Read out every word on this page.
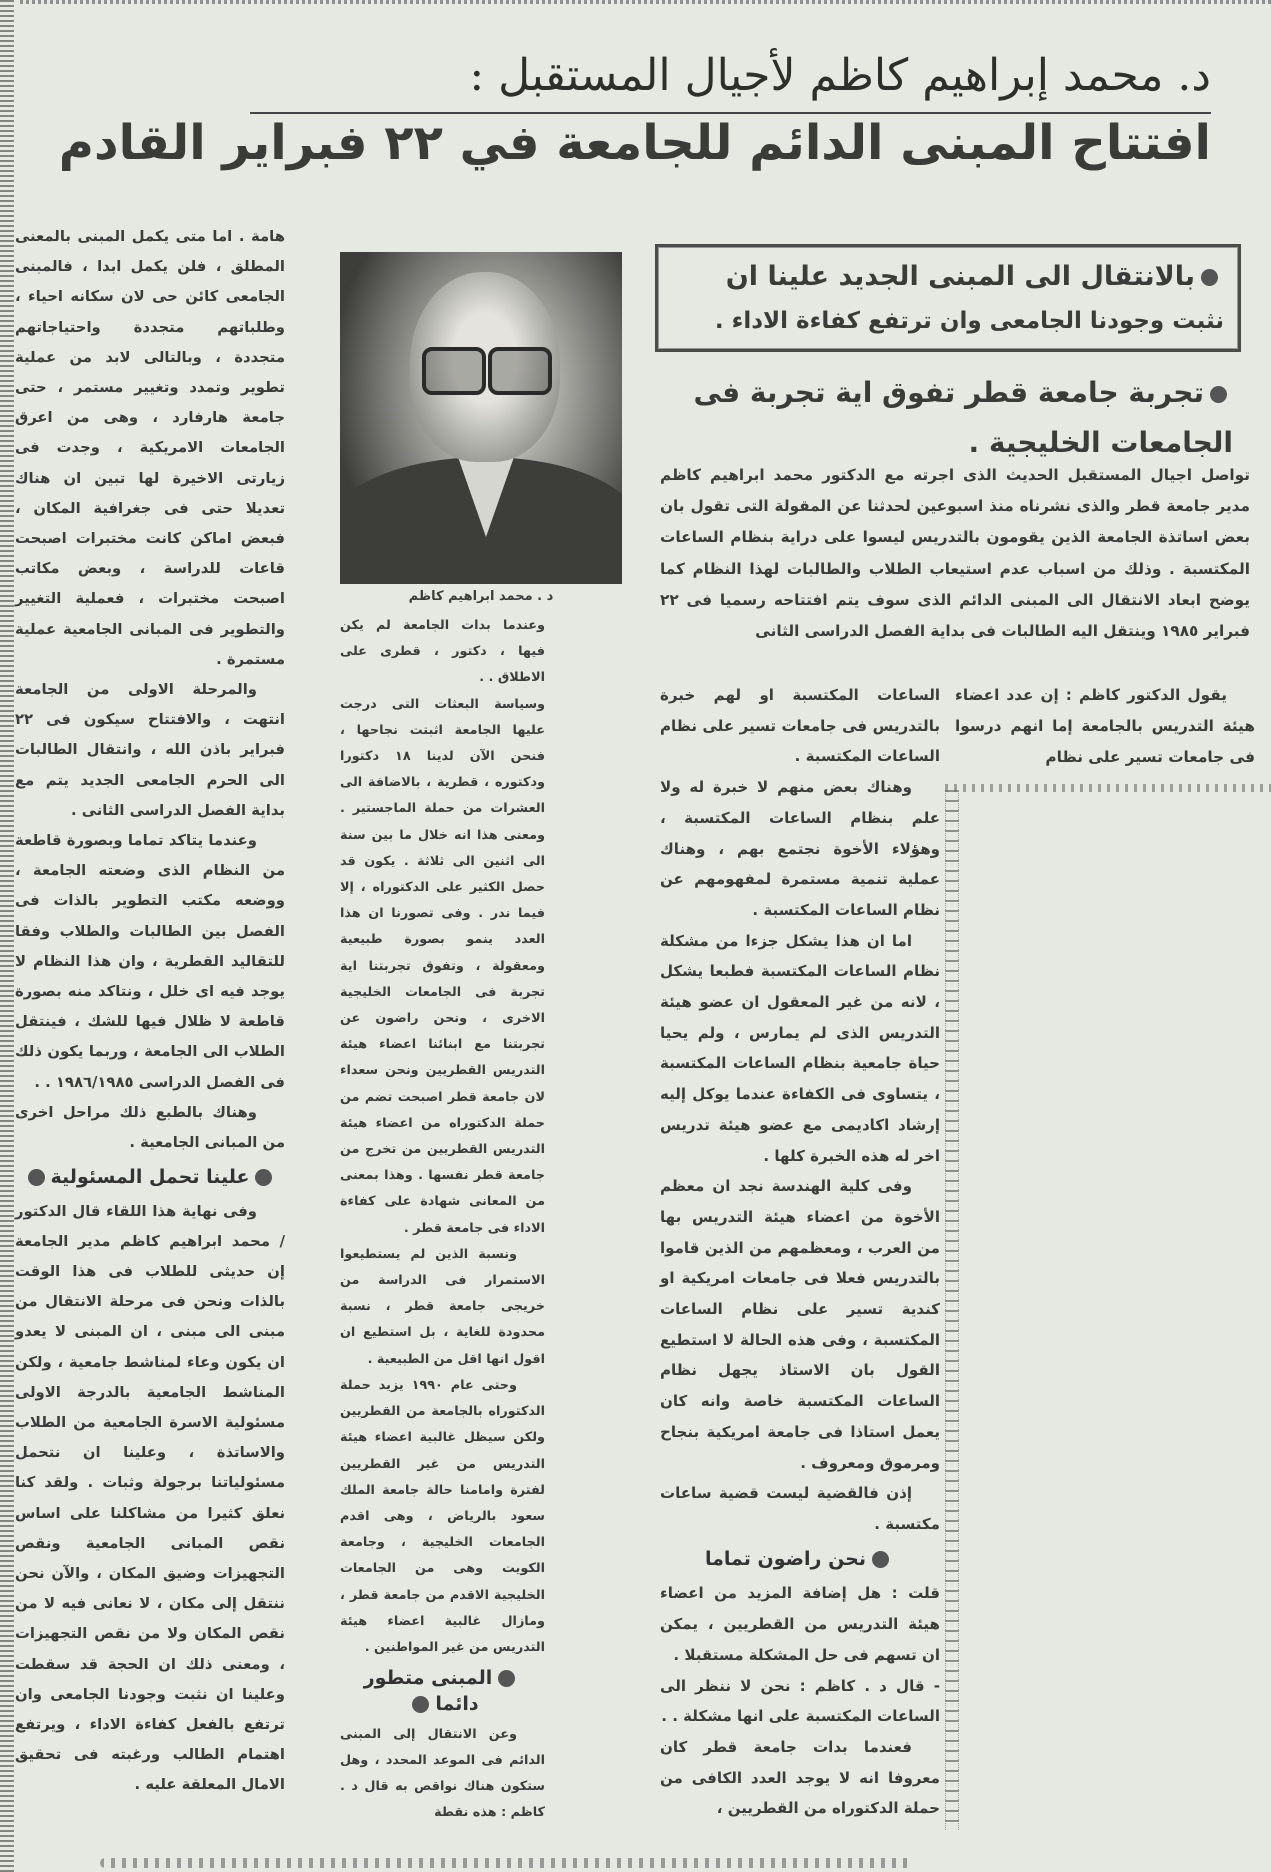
د. محمد إبراهيم كاظم لأجيال المستقبل :
افتتاح المبنى الدائم للجامعة في ٢٢ فبراير القادم
د . محمد ابراهيم كاظم
بالانتقال الى المبنى الجديد علينا ان
نثبت وجودنا الجامعى وان ترتفع كفاءة الاداء .
تجربة جامعة قطر تفوق اية تجربة فى الجامعات الخليجية .
تواصل اجيال المستقبل الحديث الذى اجرته مع الدكتور محمد ابراهيم كاظم مدير جامعة قطر والذى نشرناه منذ اسبوعين لحدثنا عن المقولة التى تقول بان بعض اساتذة الجامعة الذين يقومون بالتدريس ليسوا على دراية بنظام الساعات المكتسبة . وذلك من اسباب عدم استيعاب الطلاب والطالبات لهذا النظام كما يوضح ابعاد الانتقال الى المبنى الدائم الذى سوف يتم افتتاحه رسميا فى ٢٢ فبراير ١٩٨٥ وينتقل اليه الطالبات فى بداية الفصل الدراسى الثانى

يقول الدكتور كاظم : إن عدد اعضاء هيئة التدريس بالجامعة إما انهم درسوا فى جامعات تسير على نظام

الساعات المكتسبة او لهم خبرة بالتدريس فى جامعات تسير على نظام الساعات المكتسبة .

وهناك بعض منهم لا خبرة له ولا علم بنظام الساعات المكتسبة ، وهؤلاء الأخوة نجتمع بهم ، وهناك عملية تنمية مستمرة لمفهومهم عن نظام الساعات المكتسبة .

اما ان هذا يشكل جزءا من مشكلة نظام الساعات المكتسبة فطبعا يشكل ، لانه من غير المعقول ان عضو هيئة التدريس الذى لم يمارس ، ولم يحيا حياة جامعية بنظام الساعات المكتسبة ، يتساوى فى الكفاءة عندما يوكل إليه إرشاد اكاديمى مع عضو هيئة تدريس اخر له هذه الخبرة كلها .

وفى كلية الهندسة نجد ان معظم الأخوة من اعضاء هيئة التدريس بها من العرب ، ومعظمهم من الذين قاموا بالتدريس فعلا فى جامعات امريكية او كندية تسير على نظام الساعات المكتسبة ، وفى هذه الحالة لا استطيع القول بان الاستاذ يجهل نظام الساعات المكتسبة خاصة وانه كان يعمل استاذا فى جامعة امريكية بنجاح ومرموق ومعروف .

إذن فالقضية ليست قضية ساعات مكتسبة .

نحن راضون تماما

قلت : هل إضافة المزيد من اعضاء هيئة التدريس من القطريين ، يمكن ان تسهم فى حل المشكلة مستقبلا .

- قال د . كاظم : نحن لا ننظر الى الساعات المكتسبة على انها مشكلة . .

فعندما بدات جامعة قطر كان معروفا انه لا يوجد العدد الكافى من حملة الدكتوراه من القطريين ،

وعندما بدات الجامعة لم يكن فيها ، دكتور ، قطرى على الاطلاق . .

وسياسة البعثات التى درجت عليها الجامعة اثبتت نجاحها ، فنحن الآن لدينا ١٨ دكتورا ودكتوره ، قطرية ، بالاضافة الى العشرات من حملة الماجستير . ومعنى هذا انه خلال ما بين سنة الى اثنين الى ثلاثة . يكون قد حصل الكثير على الدكتوراه ، إلا فيما ندر . وفى تصورنا ان هذا العدد ينمو بصورة طبيعية ومعقولة ، وتفوق تجربتنا اية تجربة فى الجامعات الخليجية الاخرى ، ونحن راضون عن تجربتنا مع ابنائنا اعضاء هيئة التدريس القطريين ونحن سعداء لان جامعة قطر اصبحت تضم من حملة الدكتوراه من اعضاء هيئة التدريس القطريين من تخرج من جامعة قطر نفسها . وهذا بمعنى من المعانى شهادة على كفاءة الاداء فى جامعة قطر .

ونسبة الذين لم يستطيعوا الاستمرار فى الدراسة من خريجى جامعة قطر ، نسبة محدودة للغاية ، بل استطيع ان اقول انها اقل من الطبيعية .

وحتى عام ١٩٩٠ يزيد حملة الدكتوراه بالجامعة من القطريين ولكن سيظل غالبية اعضاء هيئة التدريس من غير القطريين لفترة وامامنا حالة جامعة الملك سعود بالرياض ، وهى اقدم الجامعات الخليجية ، وجامعة الكويت وهى من الجامعات الخليجية الاقدم من جامعة قطر ، ومازال غالبية اعضاء هيئة التدريس من غير المواطنين .

المبنى متطور دائما

وعن الانتقال إلى المبنى الدائم فى الموعد المحدد ، وهل ستكون هناك نواقص به قال د . كاظم : هذه نقطة

هامة . اما متى يكمل المبنى بالمعنى المطلق ، فلن يكمل ابدا ، فالمبنى الجامعى كائن حى لان سكانه احياء ، وطلباتهم متجددة واحتياجاتهم متجددة ، وبالتالى لابد من عملية تطوير وتمدد وتغيير مستمر ، حتى جامعة هارفارد ، وهى من اعرق الجامعات الامريكية ، وجدت فى زيارتى الاخيرة لها تبين ان هناك تعديلا حتى فى جغرافية المكان ، فبعض اماكن كانت مختبرات اصبحت قاعات للدراسة ، وبعض مكاتب اصبحت مختبرات ، فعملية التغيير والتطوير فى المبانى الجامعية عملية مستمرة .

والمرحلة الاولى من الجامعة انتهت ، والافتتاح سيكون فى ٢٢ فبراير باذن الله ، وانتقال الطالبات الى الحرم الجامعى الجديد يتم مع بداية الفصل الدراسى الثانى .

وعندما يتاكد تماما وبصورة قاطعة من النظام الذى وضعته الجامعة ، ووضعه مكتب التطوير بالذات فى الفصل بين الطالبات والطلاب وفقا للتقاليد القطرية ، وان هذا النظام لا يوجد فيه اى خلل ، ونتاكد منه بصورة قاطعة لا ظلال فيها للشك ، فينتقل الطلاب الى الجامعة ، وربما يكون ذلك فى الفصل الدراسى ١٩٨٦/١٩٨٥ . .

وهناك بالطبع ذلك مراحل اخرى من المبانى الجامعية .

علينا تحمل المسئولية

وفى نهاية هذا اللقاء قال الدكتور / محمد ابراهيم كاظم مدير الجامعة إن حديثى للطلاب فى هذا الوقت بالذات ونحن فى مرحلة الانتقال من مبنى الى مبنى ، ان المبنى لا يعدو ان يكون وعاء لمناشط جامعية ، ولكن المناشط الجامعية بالدرجة الاولى مسئولية الاسرة الجامعية من الطلاب والاساتذة ، وعلينا ان نتحمل مسئولياتنا برجولة وثبات . ولقد كنا نعلق كثيرا من مشاكلنا على اساس نقص المبانى الجامعية ونقص التجهيزات وضيق المكان ، والآن نحن ننتقل إلى مكان ، لا نعانى فيه لا من نقص المكان ولا من نقص التجهيزات ، ومعنى ذلك ان الحجة قد سقطت وعلينا ان نثبت وجودنا الجامعى وان ترتفع بالفعل كفاءة الاداء ، ويرتفع اهتمام الطالب ورغبته فى تحقيق الامال المعلقة عليه .
